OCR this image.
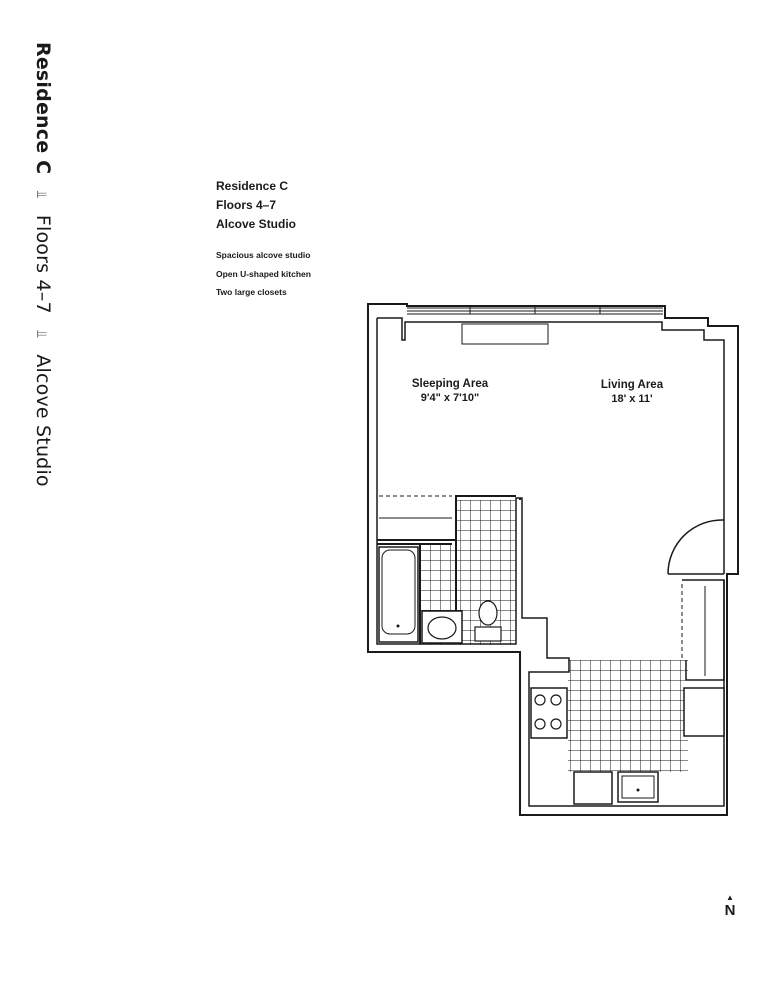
Residence C ⫫ Floors 4–7 ⫫ Alcove Studio
Residence C
Floors 4–7
Alcove Studio
Spacious alcove studio
Open U-shaped kitchen
Two large closets
Sleeping Area
9'4" x 7'10"
Living Area
18' x 11'
▲
N
